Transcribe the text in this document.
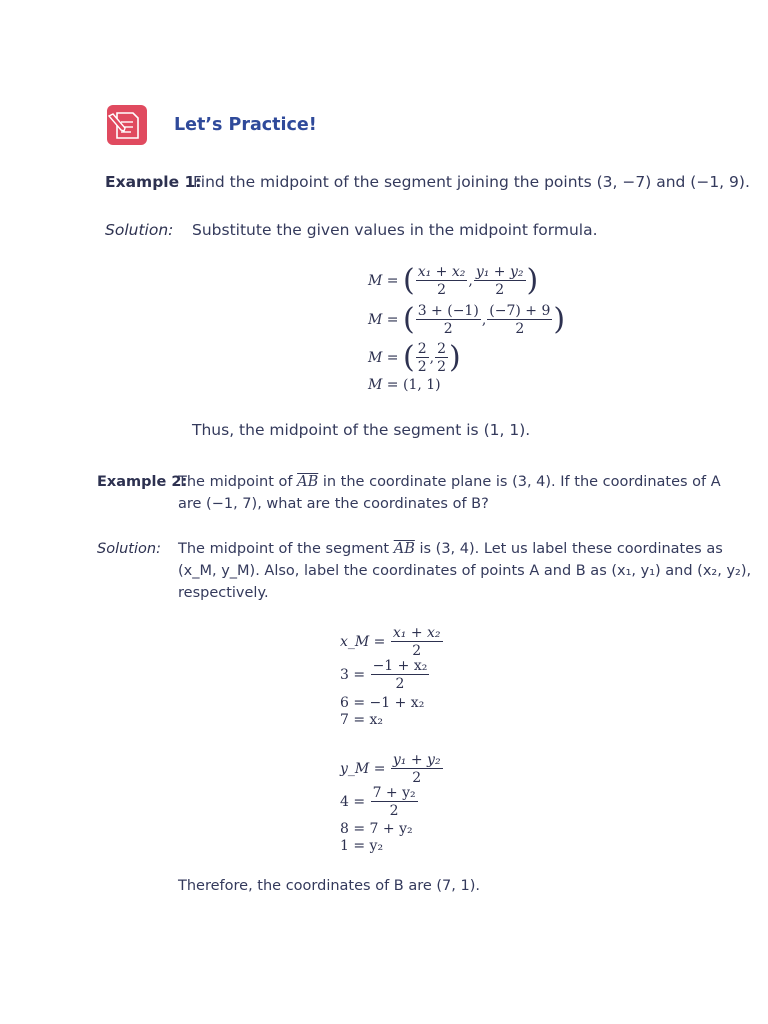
Let’s Practice!
Example 1:
Find the midpoint of the segment joining the points (3, −7) and (−1, 9).
Solution: Substitute the given values in the midpoint formula.
M = ( $\frac{\text{x₁ + x₂}}{2}$ , $\frac{\text{y₁ + y₂}}{2}$ )
M = ( $\frac{3 + (-1)}{2}$ , $\frac{(-7) + 9}{2}$ )
M = ( $\frac{2}{2}$ , $\frac{2}{2}$ )
M = (1, 1)
Thus, the midpoint of the segment is (1, 1).
Example 2:
The midpoint of $\overline{AB}$ in the coordinate plane is (3, 4). If the coordinates of A
are (−1, 7), what are the coordinates of B?
Solution: The midpoint of the segment $\overline{AB}$ is (3, 4). Let us label these coordinates as
(x_M, y_M). Also, label the coordinates of points A and B as (x₁, y₁) and (x₂, y₂),
respectively.
x_M = $\frac{\text{x₁ + x₂}}{2}$
$3 = \frac{\text{−1 + x₂}}{2}$
6 = −1 + x₂
7 = x₂
y_M = $\frac{\text{y₁ + y₂}}{2}$
$4 = \frac{\text{7 + y₂}}{2}$
8 = 7 + y₂
1 = y₂
Therefore, the coordinates of B are (7, 1).
